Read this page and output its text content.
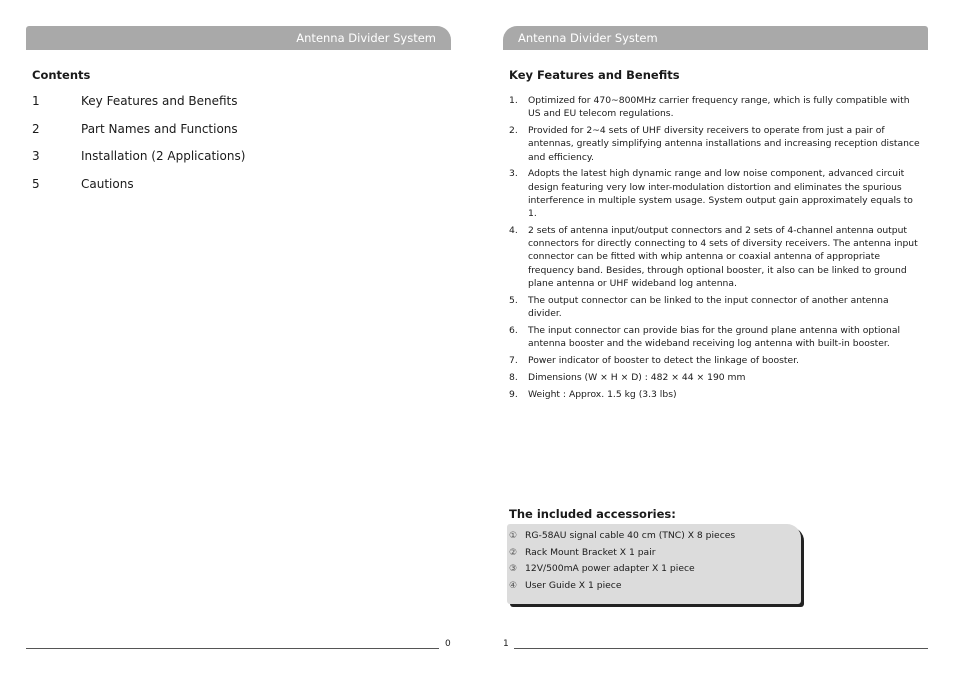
Antenna Divider System
Contents
1	Key Features and Benefits
2	Part Names and Functions
3	Installation (2 Applications)
5	Cautions
0
Antenna Divider System
Key Features and Benefits
1.	Optimized for 470~800MHz carrier frequency range, which is fully compatible with US and EU telecom regulations.
2.	Provided for 2~4 sets of UHF diversity receivers to operate from just a pair of antennas, greatly simplifying antenna installations and increasing reception distance and efficiency.
3.	Adopts the latest high dynamic range and low noise component, advanced circuit design featuring very low inter-modulation distortion and eliminates the spurious interference in multiple system usage. System output gain approximately equals to 1.
4.	2 sets of antenna input/output connectors and 2 sets of 4-channel antenna output connectors for directly connecting to 4 sets of diversity receivers. The antenna input connector can be fitted with whip antenna or coaxial antenna of appropriate frequency band. Besides, through optional booster, it also can be linked to ground plane antenna or UHF wideband log antenna.
5.	The output connector can be linked to the input connector of another antenna divider.
6.	The input connector can provide bias for the ground plane antenna with optional antenna booster and the wideband receiving log antenna with built-in booster.
7.	Power indicator of booster to detect the linkage of booster.
8.	Dimensions (W × H × D) : 482 × 44 × 190 mm
9.	Weight : Approx. 1.5 kg (3.3 lbs)
The included accessories:
① RG-58AU signal cable 40 cm (TNC) X 8 pieces
② Rack Mount Bracket X 1 pair
③ 12V/500mA power adapter X 1 piece
④ User Guide X 1 piece
1
